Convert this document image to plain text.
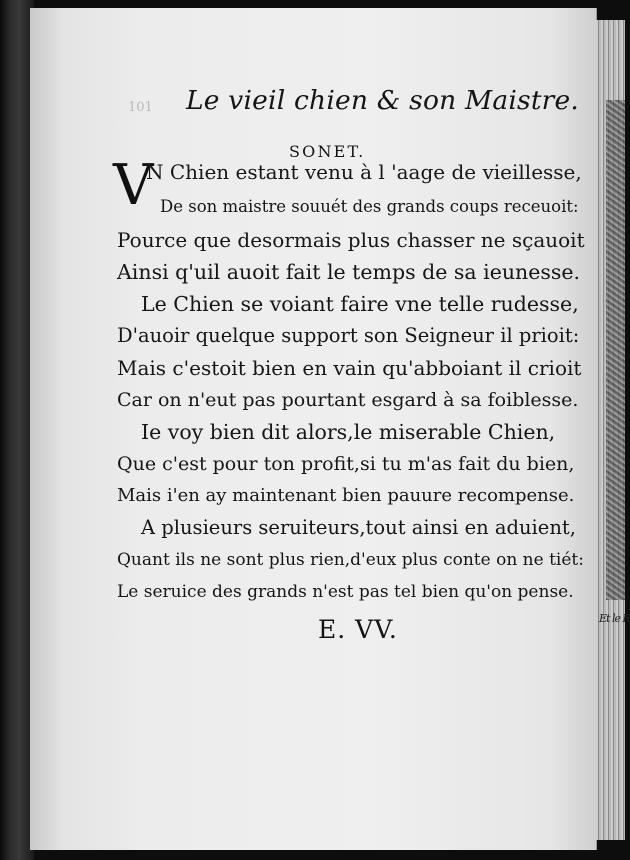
Et le R
101 Le vieil chien & son Maistre.
SONET.
V
N Chien estant venu à l 'aage de vieillesse,
De son maistre souuét des grands coups receuoit:
Pource que desormais plus chasser ne sçauoit
Ainsi q'uil auoit fait le temps de sa ieunesse.
Le Chien se voiant faire vne telle rudesse,
D'auoir quelque support son Seigneur il prioit:
Mais c'estoit bien en vain qu'abboiant il crioit
Car on n'eut pas pourtant esgard à sa foiblesse.
Ie voy bien dit alors,le miserable Chien,
Que c'est pour ton profit,si tu m'as fait du bien,
Mais i'en ay maintenant bien pauure recompense.
A plusieurs seruiteurs,tout ainsi en aduient,
Quant ils ne sont plus rien,d'eux plus conte on ne tiét:
Le seruice des grands n'est pas tel bien qu'on pense.
E. VV.
